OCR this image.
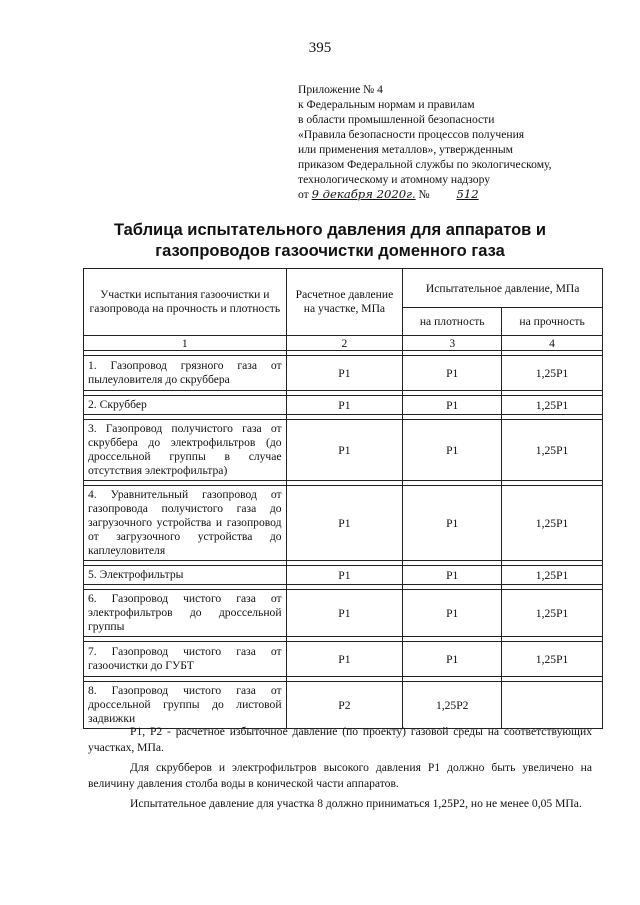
395
Приложение № 4
к Федеральным нормам и правилам
в области промышленной безопасности
«Правила безопасности процессов получения
или применения металлов», утвержденным
приказом Федеральной службы по экологическому,
технологическому и атомному надзору
от 9 декабря 2020г. № 512
Таблица испытательного давления для аппаратов и газопроводов газоочистки доменного газа
Участки испытания газоочистки и газопровода на прочность и плотность	Расчетное давление на участке, МПа	Испытательное давление, МПа	
		на плотность	на прочность
1	2	3	4

1. Газопровод грязного газа от пылеуловителя до скруббера	P1	P1	1,25P1

2. Скруббер	P1	P1	1,25P1

3. Газопровод получистого газа от скруббера до электрофильтров (до дроссельной группы в случае отсутствия электрофильтра)	P1	P1	1,25P1

4. Уравнительный газопровод от газопровода получистого газа до загрузочного устройства и газопровод от загрузочного устройства до каплеуловителя	P1	P1	1,25P1

5. Электрофильтры	P1	P1	1,25P1

6. Газопровод чистого газа от электрофильтров до дроссельной группы	P1	P1	1,25P1

7. Газопровод чистого газа от газоочистки до ГУБТ	P1	P1	1,25P1

8. Газопровод чистого газа от дроссельной группы до листовой задвижки	P2	1,25P2	

P1, P2 - расчетное избыточное давление (по проекту) газовой среды на соответствующих участках, МПа.

Для скрубберов и электрофильтров высокого давления P1 должно быть увеличено на величину давления столба воды в конической части аппаратов.

Испытательное давление для участка 8 должно приниматься 1,25P2, но не менее 0,05 МПа.
